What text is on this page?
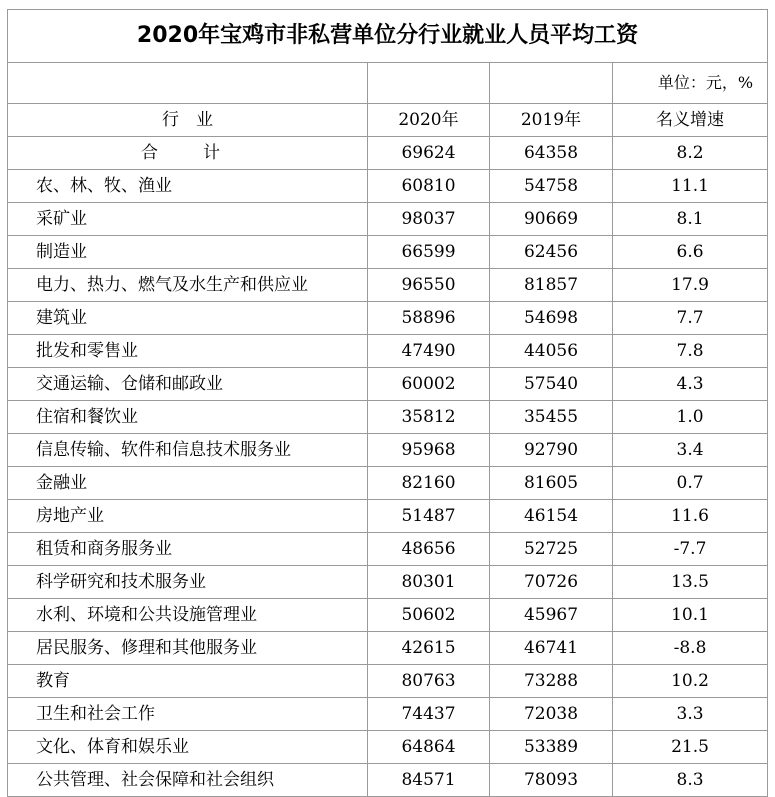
2020年宝鸡市非私营单位分行业就业人员平均工资			
			单位：元，%
行　业	2020年	2019年	名义增速
合　计	69624	64358	8.2
农、林、牧、渔业	60810	54758	11.1
采矿业	98037	90669	8.1
制造业	66599	62456	6.6
电力、热力、燃气及水生产和供应业	96550	81857	17.9
建筑业	58896	54698	7.7
批发和零售业	47490	44056	7.8
交通运输、仓储和邮政业	60002	57540	4.3
住宿和餐饮业	35812	35455	1.0
信息传输、软件和信息技术服务业	95968	92790	3.4
金融业	82160	81605	0.7
房地产业	51487	46154	11.6
租赁和商务服务业	48656	52725	-7.7
科学研究和技术服务业	80301	70726	13.5
水利、环境和公共设施管理业	50602	45967	10.1
居民服务、修理和其他服务业	42615	46741	-8.8
教育	80763	73288	10.2
卫生和社会工作	74437	72038	3.3
文化、体育和娱乐业	64864	53389	21.5
公共管理、社会保障和社会组织	84571	78093	8.3
